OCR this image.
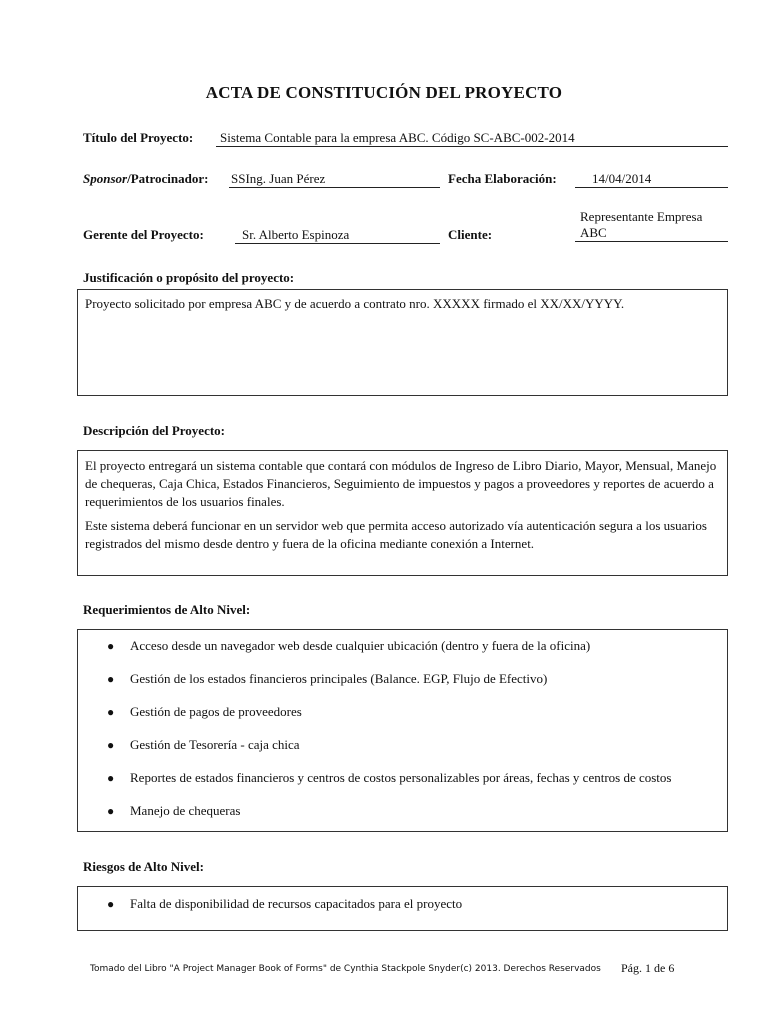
ACTA DE CONSTITUCIÓN DEL PROYECTO
Título del Proyecto:	Sistema Contable para la empresa ABC. Código SC-ABC-002-2014
Sponsor/Patrocinador: SSIng. Juan Pérez	Fecha Elaboración:	14/04/2014
Gerente del Proyecto:	Sr. Alberto Espinoza	Cliente:
Representante Empresa ABC
Justificación o propósito del proyecto:

Proyecto solicitado por empresa ABC y de acuerdo a contrato nro. XXXXX firmado el XX/XX/YYYY.

Descripción del Proyecto:

El proyecto entregará un sistema contable que contará con módulos de Ingreso de Libro Diario, Mayor, Mensual, Manejo de chequeras, Caja Chica, Estados Financieros, Seguimiento de impuestos y pagos a proveedores y reportes de acuerdo a requerimientos de los usuarios finales.

Este sistema deberá funcionar en un servidor web que permita acceso autorizado vía autenticación segura a los usuarios registrados del mismo desde dentro y fuera de la oficina mediante conexión a Internet.

Requerimientos de Alto Nivel:
● Acceso desde un navegador web desde cualquier ubicación (dentro y fuera de la oficina)
● Gestión de los estados financieros principales (Balance. EGP, Flujo de Efectivo)
● Gestión de pagos de proveedores
● Gestión de Tesorería - caja chica
● Reportes de estados financieros y centros de costos personalizables por áreas, fechas y centros de costos
● Manejo de chequeras
Riesgos de Alto Nivel:
● Falta de disponibilidad de recursos capacitados para el proyecto
Tomado del Libro "A Project Manager Book of Forms" de Cynthia Stackpole Snyder(c) 2013. Derechos Reservados Pág. 1 de 6
